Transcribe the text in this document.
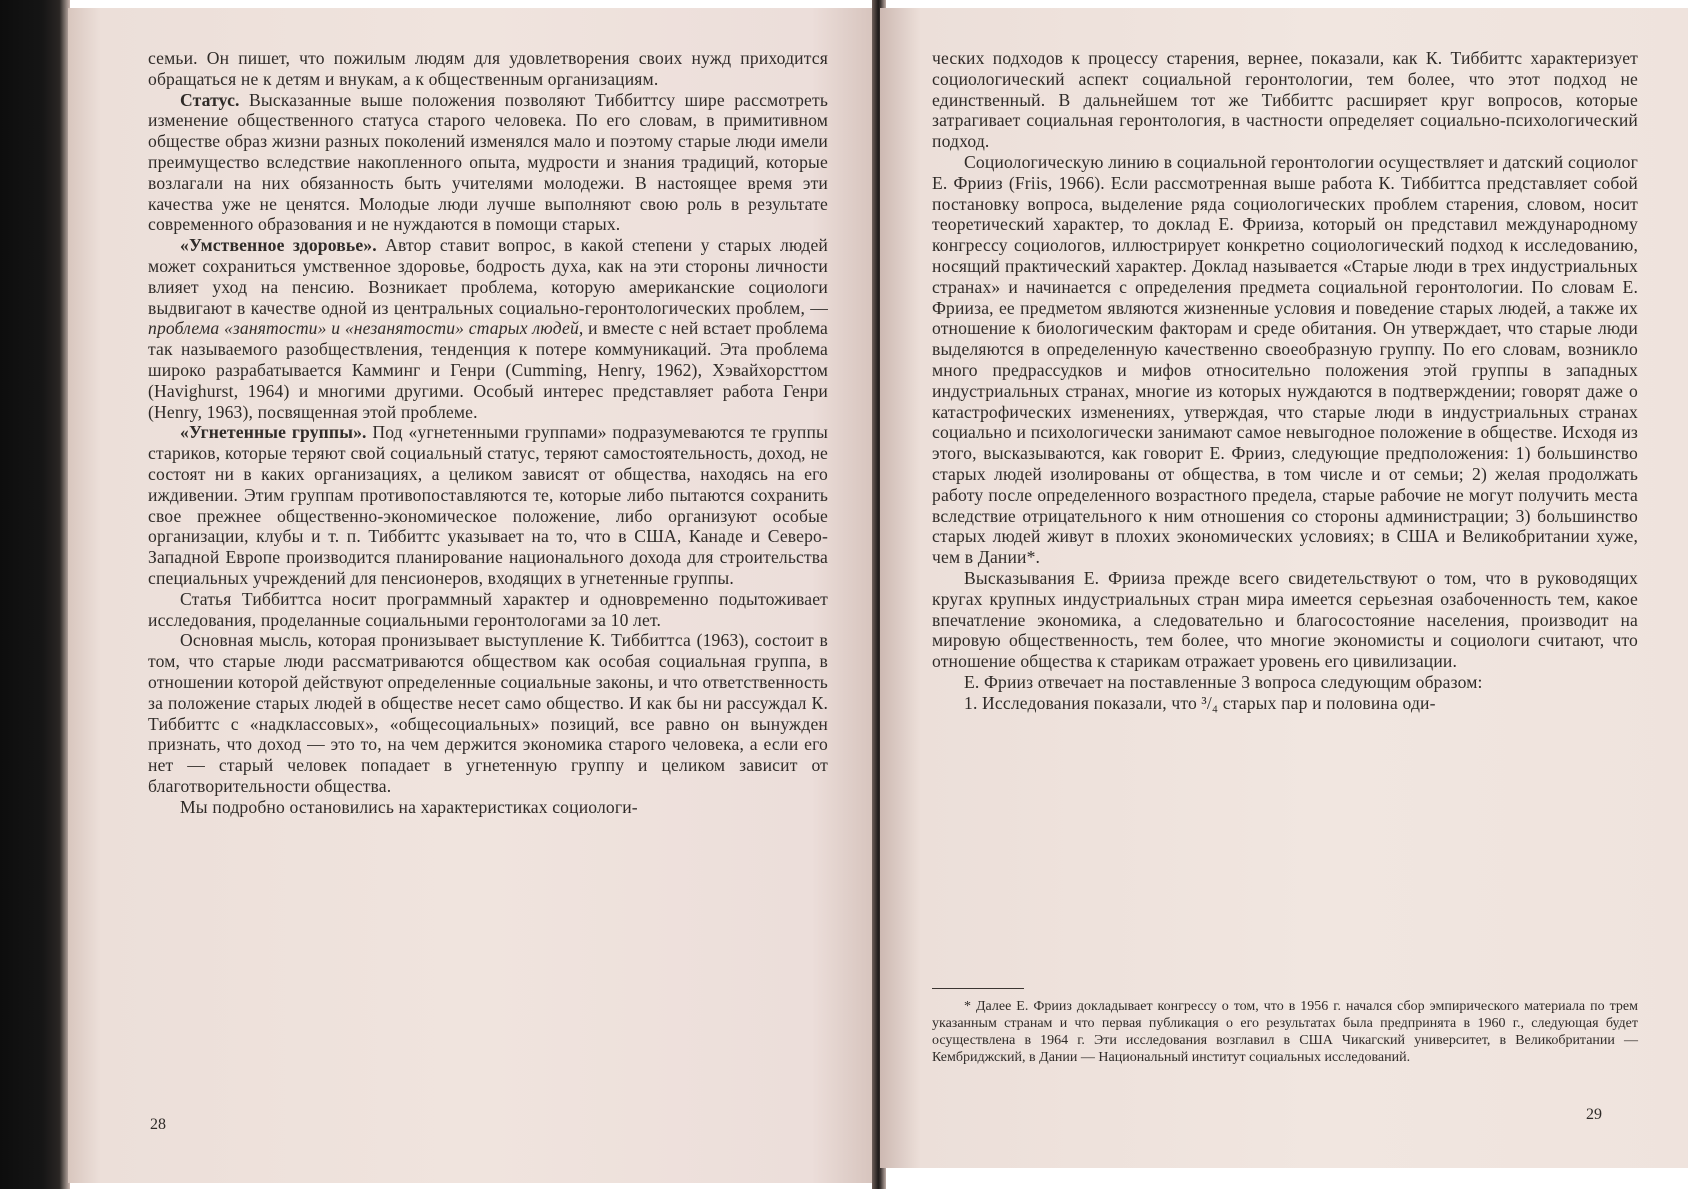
семьи. Он пишет, что пожилым людям для удовлетворения своих нужд приходится обращаться не к детям и внукам, а к общественным организациям.

Статус. Высказанные выше положения позволяют Тиббиттсу шире рассмотреть изменение общественного статуса старого человека. По его словам, в примитивном обществе образ жизни разных поколений изменялся мало и поэтому старые люди имели преимущество вследствие накопленного опыта, мудрости и знания традиций, которые возлагали на них обязанность быть учителями молодежи. В настоящее время эти качества уже не ценятся. Молодые люди лучше выполняют свою роль в результате современного образования и не нуждаются в помощи старых.

«Умственное здоровье». Автор ставит вопрос, в какой степени у старых людей может сохраниться умственное здоровье, бодрость духа, как на эти стороны личности влияет уход на пенсию. Возникает проблема, которую американские социологи выдвигают в качестве одной из центральных социально-геронтологических проблем, — проблема «занятости» и «незанятости» старых людей, и вместе с ней встает проблема так называемого разобществления, тенденция к потере коммуникаций. Эта проблема широко разрабатывается Камминг и Генри (Cumming, Henry, 1962), Хэвайхорсттом (Havighurst, 1964) и многими другими. Особый интерес представляет работа Генри (Henry, 1963), посвященная этой проблеме.

«Угнетенные группы». Под «угнетенными группами» подразумеваются те группы стариков, которые теряют свой социальный статус, теряют самостоятельность, доход, не состоят ни в каких организациях, а целиком зависят от общества, находясь на его иждивении. Этим группам противопоставляются те, которые либо пытаются сохранить свое прежнее общественно-экономическое положение, либо организуют особые организации, клубы и т. п. Тиббиттс указывает на то, что в США, Канаде и Северо-Западной Европе производится планирование национального дохода для строительства специальных учреждений для пенсионеров, входящих в угнетенные группы.

Статья Тиббиттса носит программный характер и одновременно подытоживает исследования, проделанные социальными геронтологами за 10 лет.

Основная мысль, которая пронизывает выступление К. Тиббиттса (1963), состоит в том, что старые люди рассматриваются обществом как особая социальная группа, в отношении которой действуют определенные социальные законы, и что ответственность за положение старых людей в обществе несет само общество. И как бы ни рассуждал К. Тиббиттс с «надклассовых», «общесоциальных» позиций, все равно он вынужден признать, что доход — это то, на чем держится экономика старого человека, а если его нет — старый человек попадает в угнетенную группу и целиком зависит от благотворительности общества.

Мы подробно остановились на характеристиках социологи-

28

ческих подходов к процессу старения, вернее, показали, как К. Тиббиттс характеризует социологический аспект социальной геронтологии, тем более, что этот подход не единственный. В дальнейшем тот же Тиббиттс расширяет круг вопросов, которые затрагивает социальная геронтология, в частности определяет социально-психологический подход.

Социологическую линию в социальной геронтологии осуществляет и датский социолог Е. Фрииз (Friis, 1966). Если рассмотренная выше работа К. Тиббиттса представляет собой постановку вопроса, выделение ряда социологических проблем старения, словом, носит теоретический характер, то доклад Е. Фрииза, который он представил международному конгрессу социологов, иллюстрирует конкретно социологический подход к исследованию, носящий практический характер. Доклад называется «Старые люди в трех индустриальных странах» и начинается с определения предмета социальной геронтологии. По словам Е. Фрииза, ее предметом являются жизненные условия и поведение старых людей, а также их отношение к биологическим факторам и среде обитания. Он утверждает, что старые люди выделяются в определенную качественно своеобразную группу. По его словам, возникло много предрассудков и мифов относительно положения этой группы в западных индустриальных странах, многие из которых нуждаются в подтверждении; говорят даже о катастрофических изменениях, утверждая, что старые люди в индустриальных странах социально и психологически занимают самое невыгодное положение в обществе. Исходя из этого, высказываются, как говорит Е. Фрииз, следующие предположения: 1) большинство старых людей изолированы от общества, в том числе и от семьи; 2) желая продолжать работу после определенного возрастного предела, старые рабочие не могут получить места вследствие отрицательного к ним отношения со стороны администрации; 3) большинство старых людей живут в плохих экономических условиях; в США и Великобритании хуже, чем в Дании*.

Высказывания Е. Фрииза прежде всего свидетельствуют о том, что в руководящих кругах крупных индустриальных стран мира имеется серьезная озабоченность тем, какое впечатление экономика, а следовательно и благосостояние населения, производит на мировую общественность, тем более, что многие экономисты и социологи считают, что отношение общества к старикам отражает уровень его цивилизации.

Е. Фрииз отвечает на поставленные 3 вопроса следующим образом:

1. Исследования показали, что ³/₄ старых пар и половина оди-

* Далее Е. Фрииз докладывает конгрессу о том, что в 1956 г. начался сбор эмпирического материала по трем указанным странам и что первая публикация о его результатах была предпринята в 1960 г., следующая будет осуществлена в 1964 г. Эти исследования возглавил в США Чикагский университет, в Великобритании — Кембриджский, в Дании — Национальный институт социальных исследований.

29
